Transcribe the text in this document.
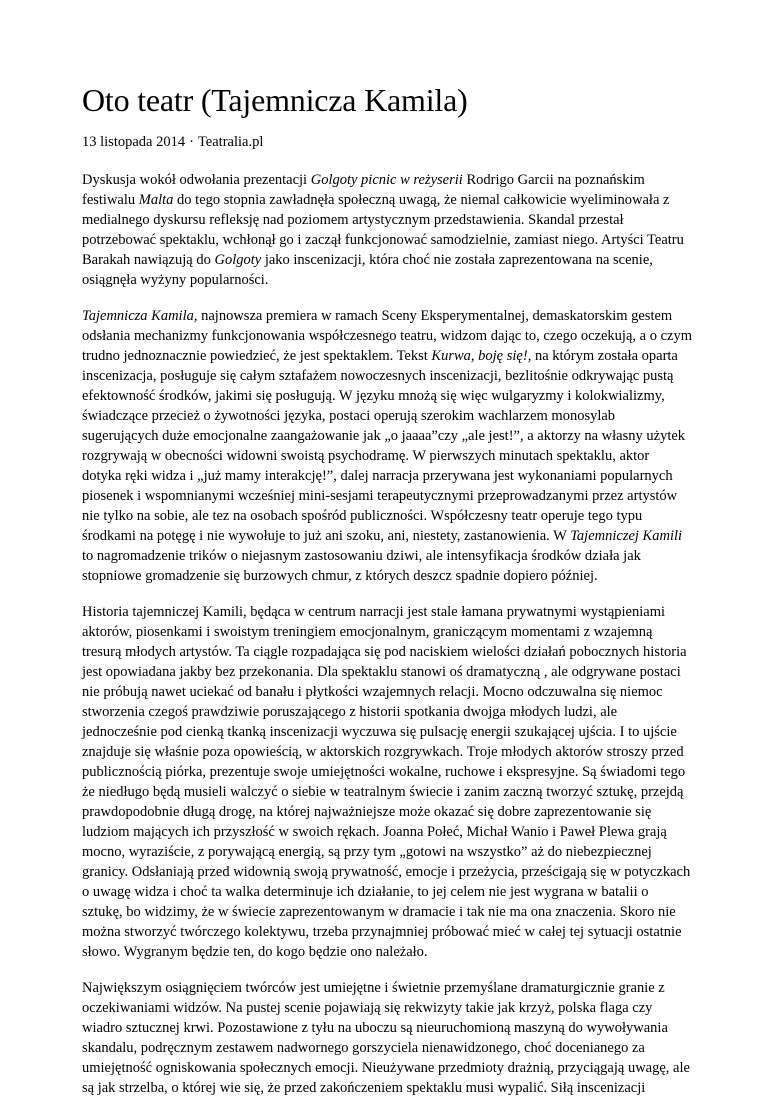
Oto teatr (Tajemnicza Kamila)
13 listopada 2014 · Teatralia.pl

Dyskusja wokół odwołania prezentacji Golgoty picnic w reżyserii Rodrigo Garcii na poznańskim festiwalu Malta do tego stopnia zawładnęła społeczną uwagą, że niemal całkowicie wyeliminowała z medialnego dyskursu refleksję nad poziomem artystycznym przedstawienia. Skandal przestał potrzebować spektaklu, wchłonął go i zaczął funkcjonować samodzielnie, zamiast niego. Artyści Teatru Barakah nawiązują do Golgoty jako inscenizacji, która choć nie została zaprezentowana na scenie, osiągnęła wyżyny popularności.

Tajemnicza Kamila, najnowsza premiera w ramach Sceny Eksperymentalnej, demaskatorskim gestem odsłania mechanizmy funkcjonowania współczesnego teatru, widzom dając to, czego oczekują, a o czym trudno jednoznacznie powiedzieć, że jest spektaklem. Tekst Kurwa, boję się!, na którym została oparta inscenizacja, posługuje się całym sztafażem nowoczesnych inscenizacji, bezlitośnie odkrywając pustą efektowność środków, jakimi się posługują. W języku mnożą się więc wulgaryzmy i kolokwializmy, świadczące przecież o żywotności języka, postaci operują szerokim wachlarzem monosylab sugerujących duże emocjonalne zaangażowanie jak „o jaaaa”czy „ale jest!”, a aktorzy na własny użytek rozgrywają w obecności widowni swoistą psychodramę. W pierwszych minutach spektaklu, aktor dotyka ręki widza i „już mamy interakcję!”, dalej narracja przerywana jest wykonaniami popularnych piosenek i wspomnianymi wcześniej mini-sesjami terapeutycznymi przeprowadzanymi przez artystów nie tylko na sobie, ale tez na osobach spośród publiczności. Współczesny teatr operuje tego typu środkami na potęgę i nie wywołuje to już ani szoku, ani, niestety, zastanowienia. W Tajemniczej Kamili to nagromadzenie trików o niejasnym zastosowaniu dziwi, ale intensyfikacja środków działa jak stopniowe gromadzenie się burzowych chmur, z których deszcz spadnie dopiero później.

Historia tajemniczej Kamili, będąca w centrum narracji jest stale łamana prywatnymi wystąpieniami aktorów, piosenkami i swoistym treningiem emocjonalnym, graniczącym momentami z wzajemną tresurą młodych artystów. Ta ciągle rozpadająca się pod naciskiem wielości działań pobocznych historia jest opowiadana jakby bez przekonania. Dla spektaklu stanowi oś dramatyczną , ale odgrywane postaci nie próbują nawet uciekać od banału i płytkości wzajemnych relacji. Mocno odczuwalna się niemoc stworzenia czegoś prawdziwie poruszającego z historii spotkania dwojga młodych ludzi, ale jednocześnie pod cienką tkanką inscenizacji wyczuwa się pulsację energii szukającej ujścia. I to ujście znajduje się właśnie poza opowieścią, w aktorskich rozgrywkach. Troje młodych aktorów stroszy przed publicznością piórka, prezentuje swoje umiejętności wokalne, ruchowe i ekspresyjne. Są świadomi tego że niedługo będą musieli walczyć o siebie w teatralnym świecie i zanim zaczną tworzyć sztukę, przejdą prawdopodobnie długą drogę, na której najważniejsze może okazać się dobre zaprezentowanie się ludziom mających ich przyszłość w swoich rękach. Joanna Połeć, Michał Wanio i Paweł Plewa grają mocno, wyraziście, z porywającą energią, są przy tym „gotowi na wszystko” aż do niebezpiecznej granicy. Odsłaniają przed widownią swoją prywatność, emocje i przeżycia, prześcigają się w potyczkach o uwagę widza i choć ta walka determinuje ich działanie, to jej celem nie jest wygrana w batalii o sztukę, bo widzimy, że w świecie zaprezentowanym w dramacie i tak nie ma ona znaczenia. Skoro nie można stworzyć twórczego kolektywu, trzeba przynajmniej próbować mieć w całej tej sytuacji ostatnie słowo. Wygranym będzie ten, do kogo będzie ono należało.

Największym osiągnięciem twórców jest umiejętne i świetnie przemyślane dramaturgicznie granie z oczekiwaniami widzów. Na pustej scenie pojawiają się rekwizyty takie jak krzyż, polska flaga czy wiadro sztucznej krwi. Pozostawione z tyłu na uboczu są nieuruchomioną maszyną do wywoływania skandalu, podręcznym zestawem nadwornego gorszyciela nienawidzonego, choć docenianego za umiejętność ogniskowania społecznych emocji. Nieużywane przedmioty drażnią, przyciągają uwagę, ale są jak strzelba, o której wie się, że przed zakończeniem spektaklu musi wypalić. Siłą inscenizacji
